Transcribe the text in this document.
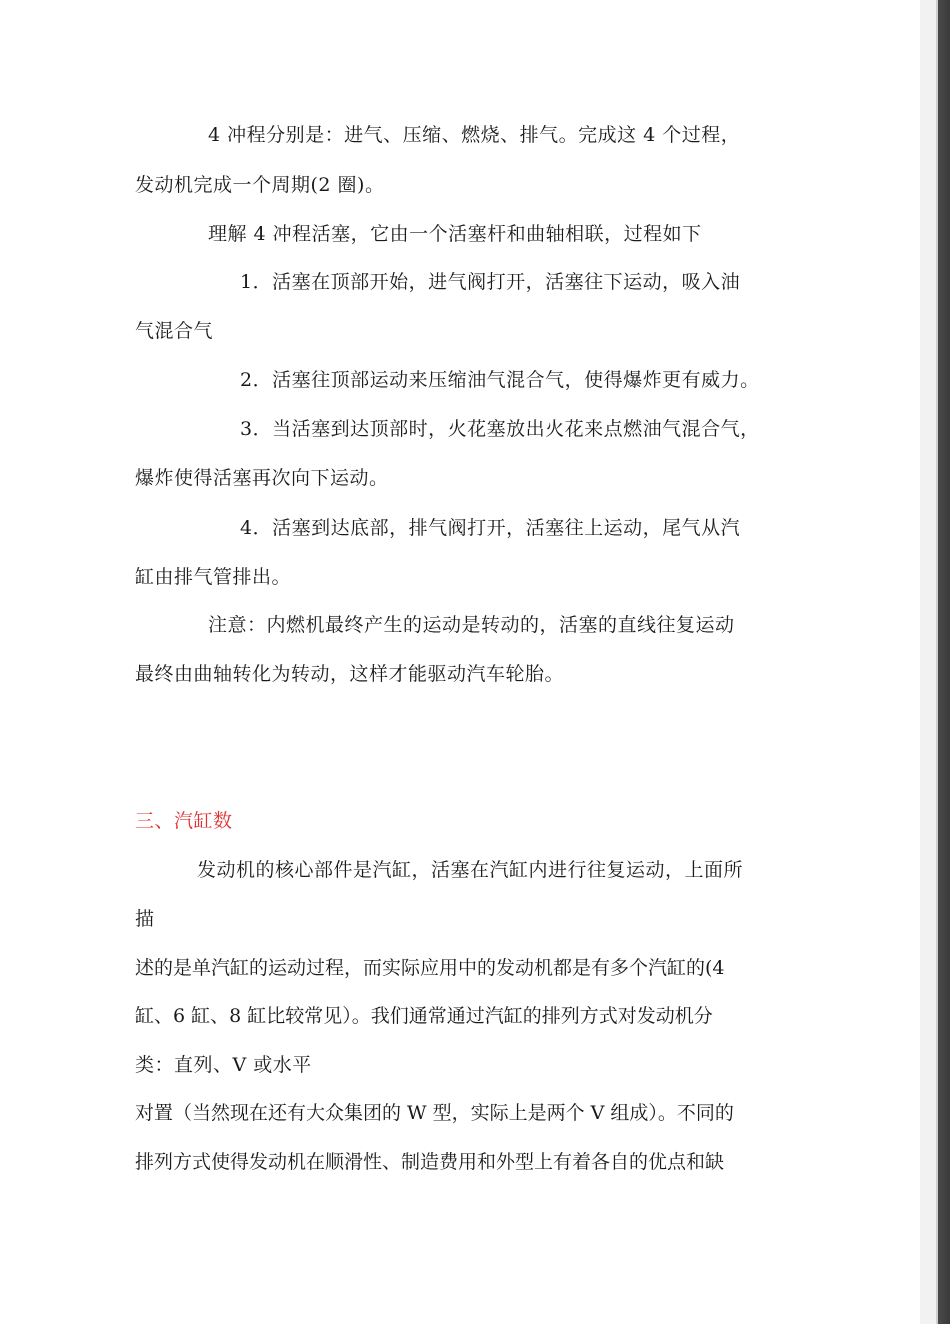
4 冲程分别是：进气、压缩、燃烧、排气。完成这 4 个过程，
发动机完成一个周期(2 圈)。
理解 4 冲程活塞，它由一个活塞杆和曲轴相联，过程如下
1．活塞在顶部开始，进气阀打开，活塞往下运动，吸入油
气混合气
2．活塞往顶部运动来压缩油气混合气，使得爆炸更有威力。
3．当活塞到达顶部时，火花塞放出火花来点燃油气混合气，
爆炸使得活塞再次向下运动。
4．活塞到达底部，排气阀打开，活塞往上运动，尾气从汽
缸由排气管排出。
注意：内燃机最终产生的运动是转动的，活塞的直线往复运动
最终由曲轴转化为转动，这样才能驱动汽车轮胎。
三、汽缸数
发动机的核心部件是汽缸，活塞在汽缸内进行往复运动，上面所
描
述的是单汽缸的运动过程，而实际应用中的发动机都是有多个汽缸的(4
缸、6 缸、8 缸比较常见）。我们通常通过汽缸的排列方式对发动机分
类：直列、V 或水平
对置（当然现在还有大众集团的 W 型，实际上是两个 V 组成）。不同的
排列方式使得发动机在顺滑性、制造费用和外型上有着各自的优点和缺
